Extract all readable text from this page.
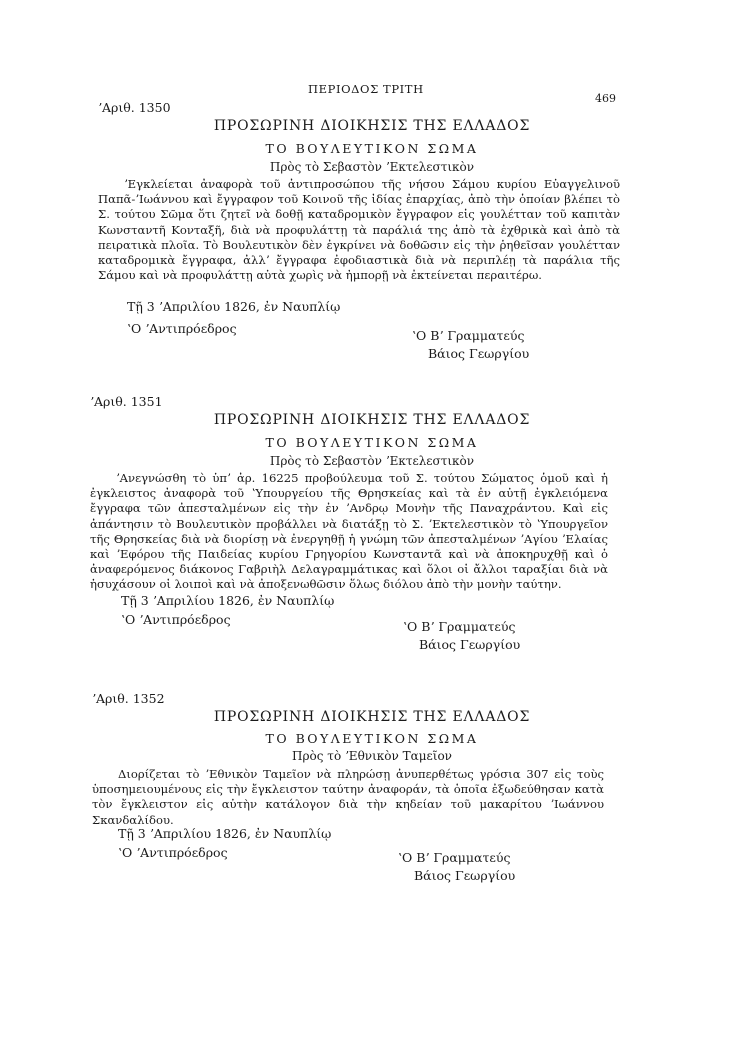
ΠΕΡΙΟΔΟΣ ΤΡΙΤΗ
469
ʼΑριθ. 1350
ΠΡΟΣΩΡΙΝΗ ΔΙΟΙΚΗΣΙΣ ΤΗΣ ΕΛΛΑΔΟΣ
ΤΟ ΒΟΥΛΕΥΤΙΚΟΝ ΣΩΜΑ
Πρὸς τὸ Σεβαστὸν ʼΕκτελεστικὸν

ʼΕγκλείεται ἀναφορὰ τοῦ ἀντιπροσώπου τῆς νήσου Σάμου κυρίου Εὐαγγελινοῦ Παπᾶ-ʼΙωάννου καὶ ἔγγραφον τοῦ Κοινοῦ τῆς ἰδίας ἐπαρχίας, ἀπὸ τὴν ὁποίαν βλέπει τὸ Σ. τούτου Σῶμα ὅτι ζητεῖ νὰ δοθῇ καταδρομικὸν ἔγγραφον εἰς γουλέτταν τοῦ καπιτὰν Κωνσταντῆ Κονταξῆ, διὰ νὰ προφυλάττῃ τὰ παράλιά της ἀπὸ τὰ ἐχθρικὰ καὶ ἀπὸ τὰ πειρατικὰ πλοῖα. Τὸ Βουλευτικὸν δὲν ἐγκρίνει νὰ δοθῶσιν εἰς τὴν ῥηθεῖσαν γουλέτταν καταδρομικὰ ἔγγραφα, ἀλλʼ ἔγγραφα ἐφοδιαστικὰ διὰ νὰ περιπλέῃ τὰ παράλια τῆς Σάμου καὶ νὰ προφυλάττῃ αὐτὰ χωρὶς νὰ ἠμπορῇ νὰ ἐκτείνεται περαιτέρω.

Τῇ 3 ʼΑπριλίου 1826, ἐν Ναυπλίῳ
ʽΟ ʼΑντιπρόεδρος	ʽΟ Βʼ Γραμματεύς
Βάιος Γεωργίου
ʼΑριθ. 1351
ΠΡΟΣΩΡΙΝΗ ΔΙΟΙΚΗΣΙΣ ΤΗΣ ΕΛΛΑΔΟΣ
ΤΟ ΒΟΥΛΕΥΤΙΚΟΝ ΣΩΜΑ
Πρὸς τὸ Σεβαστὸν ʼΕκτελεστικὸν

ʼΑνεγνώσθη τὸ ὑπʼ ἀρ. 16225 προβούλευμα τοῦ Σ. τούτου Σώματος ὁμοῦ καὶ ἡ ἐγκλειστος ἀναφορὰ τοῦ ʽΥπουργείου τῆς Θρησκείας καὶ τὰ ἐν αὐτῇ ἐγκλειόμενα ἔγγραφα τῶν ἀπεσταλμένων εἰς τὴν ἐν ʼΑνδρῳ Μονὴν τῆς Παναχράντου. Καὶ εἰς ἀπάντησιν τὸ Βουλευτικὸν προβάλλει νὰ διατάξῃ τὸ Σ. ʼΕκτελεστικὸν τὸ ʽΥπουργεῖον τῆς Θρησκείας διὰ νὰ διορίσῃ νὰ ἐνεργηθῇ ἡ γνώμη τῶν ἀπεσταλμένων ʼΑγίου ʼΕλαίας καὶ ʼΕφόρου τῆς Παιδείας κυρίου Γρηγορίου Κωνσταντᾶ καὶ νὰ ἀποκηρυχθῇ καὶ ὁ ἀναφερόμενος διάκονος Γαβριὴλ Δελαγραμμάτικας καὶ ὅλοι οἱ ἄλλοι ταραξίαι διὰ νὰ ἡσυχάσουν οἱ λοιποὶ καὶ νὰ ἀποξενωθῶσιν ὅλως διόλου ἀπὸ τὴν μονὴν ταύτην.

Τῇ 3 ʼΑπριλίου 1826, ἐν Ναυπλίῳ
ʽΟ ʼΑντιπρόεδρος	ʽΟ Βʼ Γραμματεύς
Βάιος Γεωργίου
ʼΑριθ. 1352
ΠΡΟΣΩΡΙΝΗ ΔΙΟΙΚΗΣΙΣ ΤΗΣ ΕΛΛΑΔΟΣ
ΤΟ ΒΟΥΛΕΥΤΙΚΟΝ ΣΩΜΑ
Πρὸς τὸ ʼΕθνικὸν Ταμεῖον

Διορίζεται τὸ ʼΕθνικὸν Ταμεῖον νὰ πληρώσῃ ἀνυπερθέτως γρόσια 307 εἰς τοὺς ὑποσημειουμένους εἰς τὴν ἔγκλειστον ταύτην ἀναφοράν, τὰ ὁποῖα ἐξωδεύθησαν κατὰ τὸν ἔγκλειστον εἰς αὐτὴν κατάλογον διὰ τὴν κηδείαν τοῦ μακαρίτου ʼΙωάννου Σκανδαλίδου.

Τῇ 3 ʼΑπριλίου 1826, ἐν Ναυπλίῳ
ʽΟ ʼΑντιπρόεδρος	ʽΟ Βʼ Γραμματεύς
Βάιος Γεωργίου
